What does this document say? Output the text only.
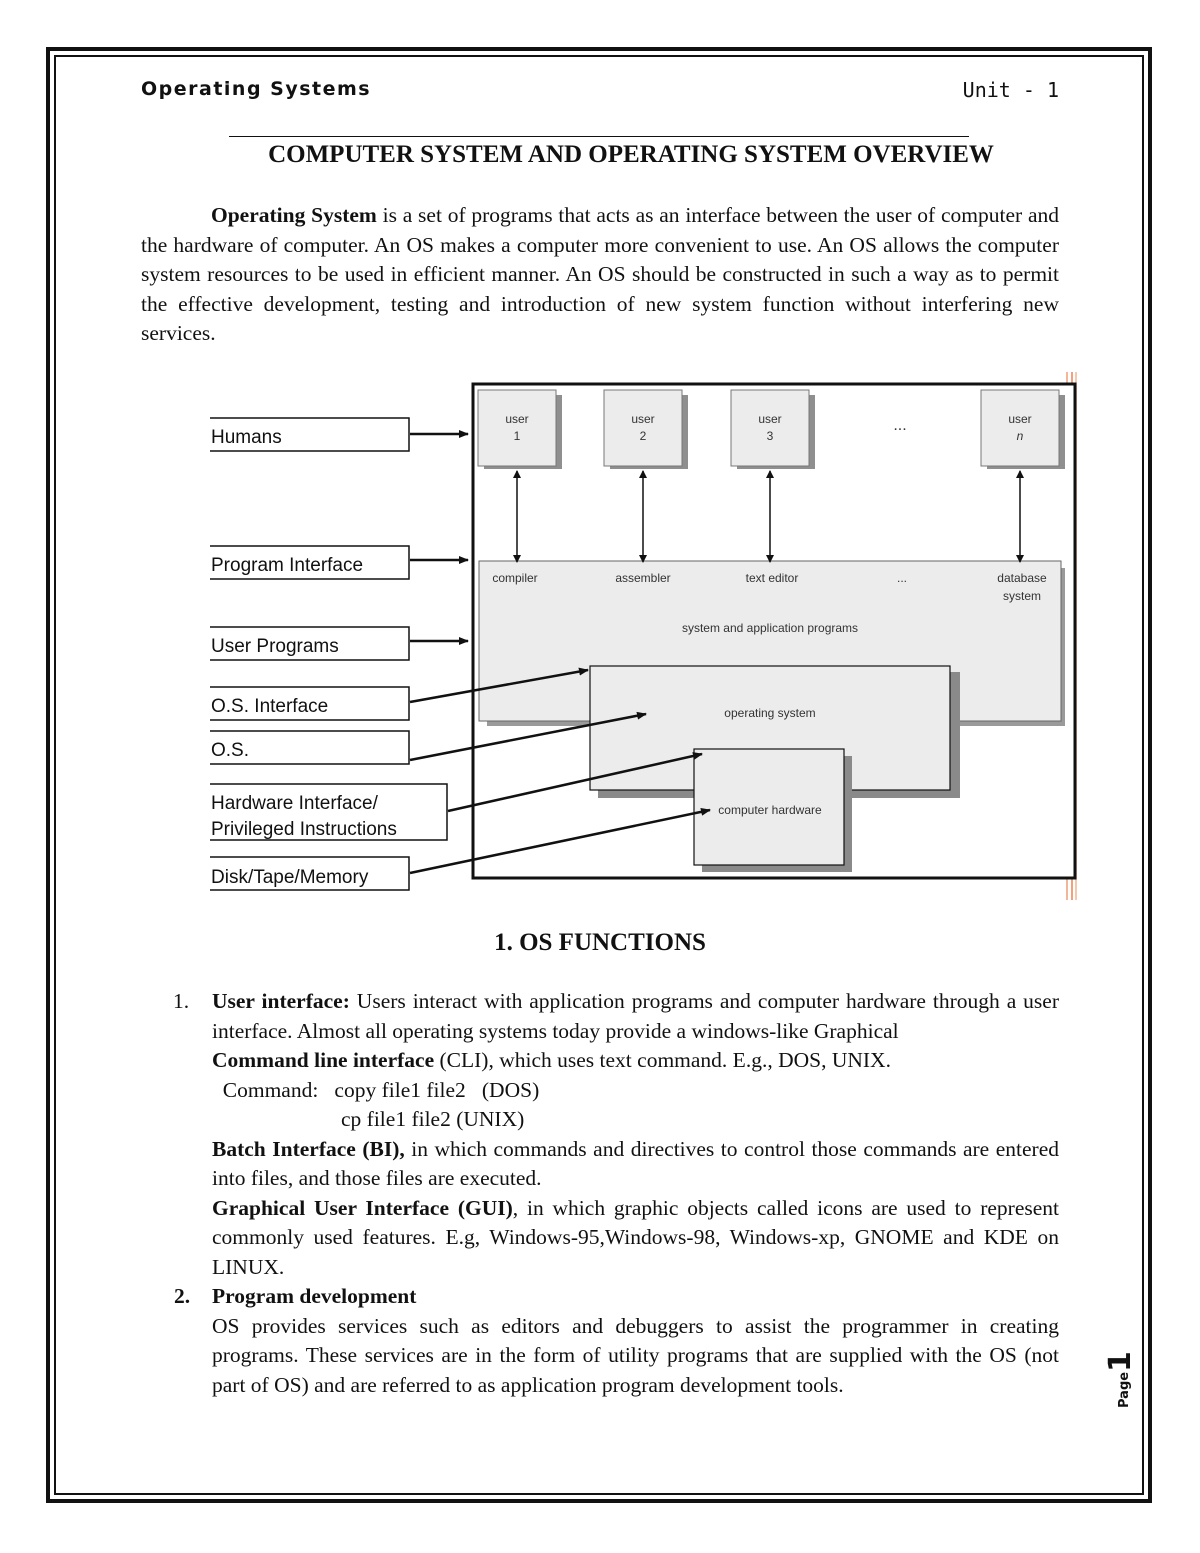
Operating Systems	Unit - 1
COMPUTER SYSTEM AND OPERATING SYSTEM OVERVIEW
Operating System is a set of programs that acts as an interface between the user of computer and the hardware of computer. An OS makes a computer more convenient to use. An OS allows the computer system resources to be used in efficient manner. An OS should be constructed in such a way as to permit the effective development, testing and introduction of new system function without interfering new services.
user
1
user
2
user
3
user
n
...
compiler	assembler	text editor	...	database
system
system and application programs
operating system
computer hardware
Humans
Program Interface
User Programs
O.S. Interface
O.S.
Hardware Interface/
Privileged Instructions
Disk/Tape/Memory
1. OS FUNCTIONS
1. User interface: Users interact with application programs and computer hardware through a user interface. Almost all operating systems today provide a windows-like Graphical
Command line interface (CLI), which uses text command. E.g., DOS, UNIX.
Command:   copy file1 file2   (DOS)
cp file1 file2 (UNIX)
Batch Interface (BI), in which commands and directives to control those commands are entered into files, and those files are executed.
Graphical User Interface (GUI), in which graphic objects called icons are used to represent commonly used features. E.g, Windows-95,Windows-98, Windows-xp, GNOME and KDE on LINUX.
2. Program development
OS provides services such as editors and debuggers to assist the programmer in creating programs. These services are in the form of utility programs that are supplied with the OS (not part of OS) and are referred to as application program development tools.	Page
1
